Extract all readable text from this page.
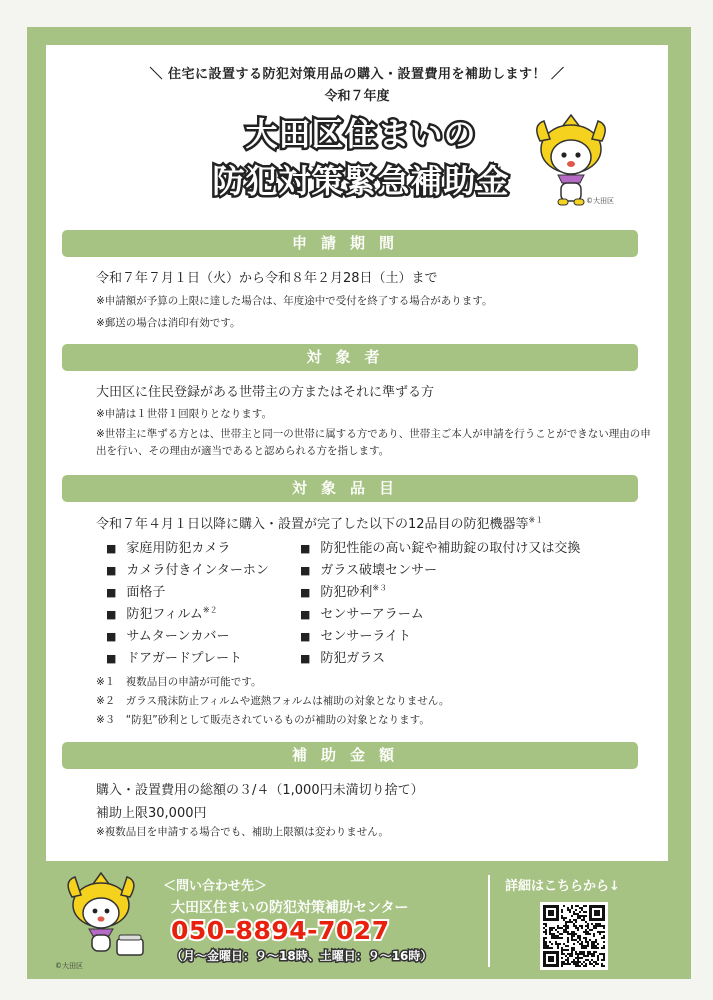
＼ 住宅に設置する防犯対策用品の購入・設置費用を補助します！ ／
令和７年度
大田区住まいの
防犯対策緊急補助金
©大田区
申請期間
令和７年７月１日（火）から令和８年２月28日（土）まで
※申請額が予算の上限に達した場合は、年度途中で受付を終了する場合があります。
※郵送の場合は消印有効です。
対象者
大田区に住民登録がある世帯主の方またはそれに準ずる方
※申請は１世帯１回限りとなります。
※世帯主に準ずる方とは、世帯主と同一の世帯に属する方であり、世帯主ご本人が申請を行うことができない理由の申出を行い、その理由が適当であると認められる方を指します。
対象品目
令和７年４月１日以降に購入・設置が完了した以下の12品目の防犯機器等$^{※1}$
■ 家庭用防犯カメラ
■ カメラ付きインターホン
■ 面格子
■ 防犯フィルム$^{※2}$
■ サムターンカバー
■ ドアガードプレート
■ 防犯性能の高い錠や補助錠の取付け又は交換
■ ガラス破壊センサー
■ 防犯砂利$^{※3}$
■ センサーアラーム
■ センサーライト
■ 防犯ガラス
※１　複数品目の申請が可能です。
※２　ガラス飛沫防止フィルムや遮熱フォルムは補助の対象となりません。
※３　“防犯”砂利として販売されているものが補助の対象となります。
補助金額
購入・設置費用の総額の３/４（1,000円未満切り捨て）
補助上限30,000円
※複数品目を申請する場合でも、補助上限額は変わりません。
©大田区
＜問い合わせ先＞
大田区住まいの防犯対策補助センター
050-8894-7027
（月～金曜日：９～18時、土曜日：９～16時）
詳細はこちらから↓
